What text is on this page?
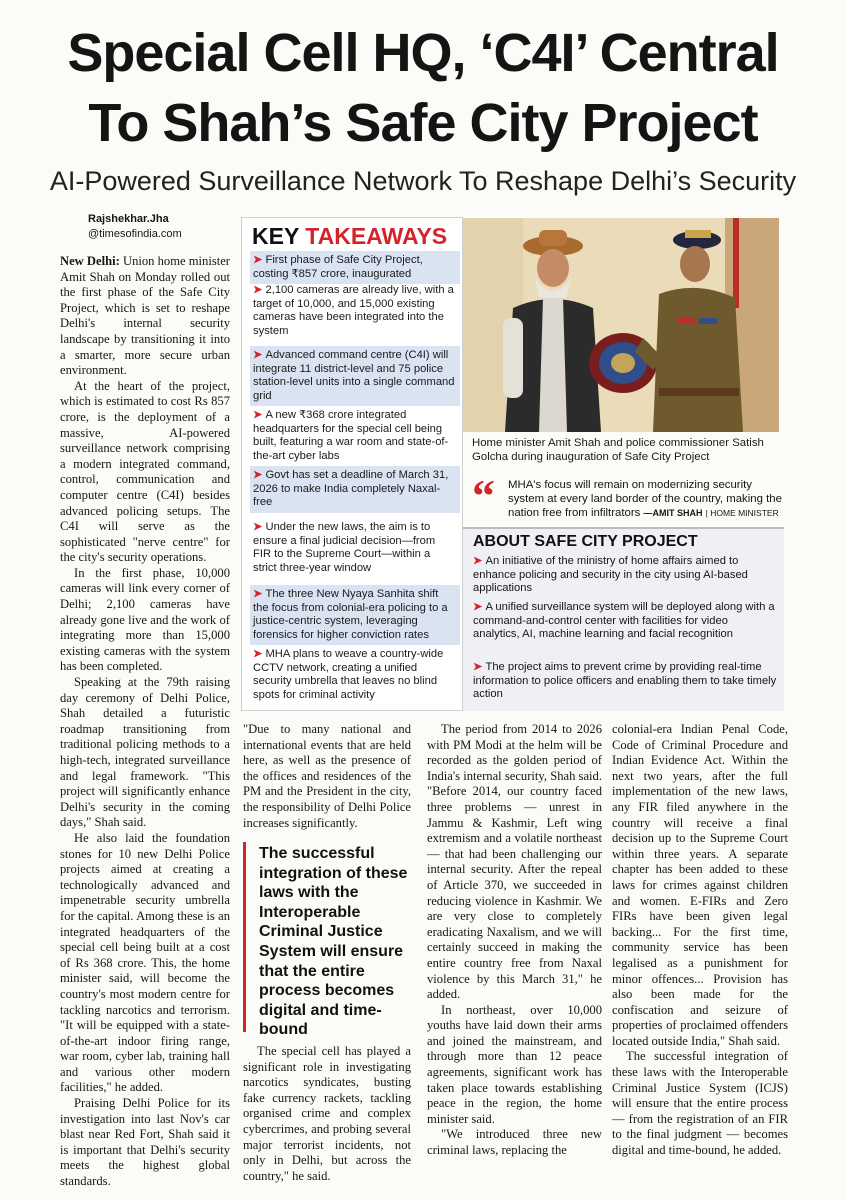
Special Cell HQ, ‘C4I’ Central
To Shah’s Safe City Project
AI-Powered Surveillance Network To Reshape Delhi’s Security
Rajshekhar.Jha
@timesofindia.com

New Delhi: Union home minister Amit Shah on Monday rolled out the first phase of the Safe City Project, which is set to reshape Delhi's internal security landscape by transitioning it into a smarter, more secure urban environment.

At the heart of the project, which is estimated to cost Rs 857 crore, is the deployment of a massive, AI-powered surveillance network comprising a modern integrated command, control, communication and computer centre (C4I) besides advanced policing setups. The C4I will serve as the sophisticated "nerve centre" for the city's security operations.

In the first phase, 10,000 cameras will link every corner of Delhi; 2,100 cameras have already gone live and the work of integrating more than 15,000 existing cameras with the system has been completed.

Speaking at the 79th raising day ceremony of Delhi Police, Shah detailed a futuristic roadmap transitioning from traditional policing methods to a high-tech, integrated surveillance and legal framework. "This project will significantly enhance Delhi's security in the coming days," Shah said.

He also laid the foundation stones for 10 new Delhi Police projects aimed at creating a technologically advanced and impenetrable security umbrella for the capital. Among these is an integrated headquarters of the special cell being built at a cost of Rs 368 crore. This, the home minister said, will become the country's most modern centre for tackling narcotics and terrorism. "It will be equipped with a state-of-the-art indoor firing range, war room, cyber lab, training hall and various other modern facilities," he added.

Praising Delhi Police for its investigation into last Nov's car blast near Red Fort, Shah said it is important that Delhi's security meets the highest global standards.

KEY TAKEAWAYS
➤ First phase of Safe City Project, costing ₹857 crore, inaugurated
➤ 2,100 cameras are already live, with a target of 10,000, and 15,000 existing cameras have been integrated into the system
➤ Advanced command centre (C4I) will integrate 11 district-level and 75 police station-level units into a single command grid
➤ A new ₹368 crore integrated headquarters for the special cell being built, featuring a war room and state-of-the-art cyber labs
➤ Govt has set a deadline of March 31, 2026 to make India completely Naxal-free
➤ Under the new laws, the aim is to ensure a final judicial decision—from FIR to the Supreme Court—within a strict three-year window
➤ The three New Nyaya Sanhita shift the focus from colonial-era policing to a justice-centric system, leveraging forensics for higher conviction rates
➤ MHA plans to weave a country-wide CCTV network, creating a unified security umbrella that leaves no blind spots for criminal activity
Home minister Amit Shah and police commissioner Satish Golcha during inauguration of Safe City Project
“ MHA's focus will remain on modernizing security system at every land border of the country, making the nation free from infiltrators —AMIT SHAH | HOME MINISTER
ABOUT SAFE CITY PROJECT
➤ An initiative of the ministry of home affairs aimed to enhance policing and security in the city using AI-based applications
➤ A unified surveillance system will be deployed along with a command-and-control center with facilities for video analytics, AI, machine learning and facial recognition
➤ The project aims to prevent crime by providing real-time information to police officers and enabling them to take timely action

"Due to many national and international events that are held here, as well as the presence of the offices and residences of the PM and the President in the city, the responsibility of Delhi Police increases significantly.

The successful integration of these laws with the Interoperable Criminal Justice System will ensure that the entire process becomes digital and time-bound

The special cell has played a significant role in investigating narcotics syndicates, busting fake currency rackets, tackling organised crime and complex cybercrimes, and probing several major terrorist incidents, not only in Delhi, but across the country," he said.

The period from 2014 to 2026 with PM Modi at the helm will be recorded as the golden period of India's internal security, Shah said. "Before 2014, our country faced three problems — unrest in Jammu & Kashmir, Left wing extremism and a volatile northeast — that had been challenging our internal security. After the repeal of Article 370, we succeeded in reducing violence in Kashmir. We are very close to completely eradicating Naxalism, and we will certainly succeed in making the entire country free from Naxal violence by this March 31," he added.

In northeast, over 10,000 youths have laid down their arms and joined the mainstream, and through more than 12 peace agreements, significant work has taken place towards establishing peace in the region, the home minister said.

"We introduced three new criminal laws, replacing the

colonial-era Indian Penal Code, Code of Criminal Procedure and Indian Evidence Act. Within the next two years, after the full implementation of the new laws, any FIR filed anywhere in the country will receive a final decision up to the Supreme Court within three years. A separate chapter has been added to these laws for crimes against children and women. E-FIRs and Zero FIRs have been given legal backing... For the first time, community service has been legalised as a punishment for minor offences... Provision has also been made for the confiscation and seizure of properties of proclaimed offenders located outside India," Shah said.

The successful integration of these laws with the Interoperable Criminal Justice System (ICJS) will ensure that the entire process — from the registration of an FIR to the final judgment — becomes digital and time-bound, he added.
